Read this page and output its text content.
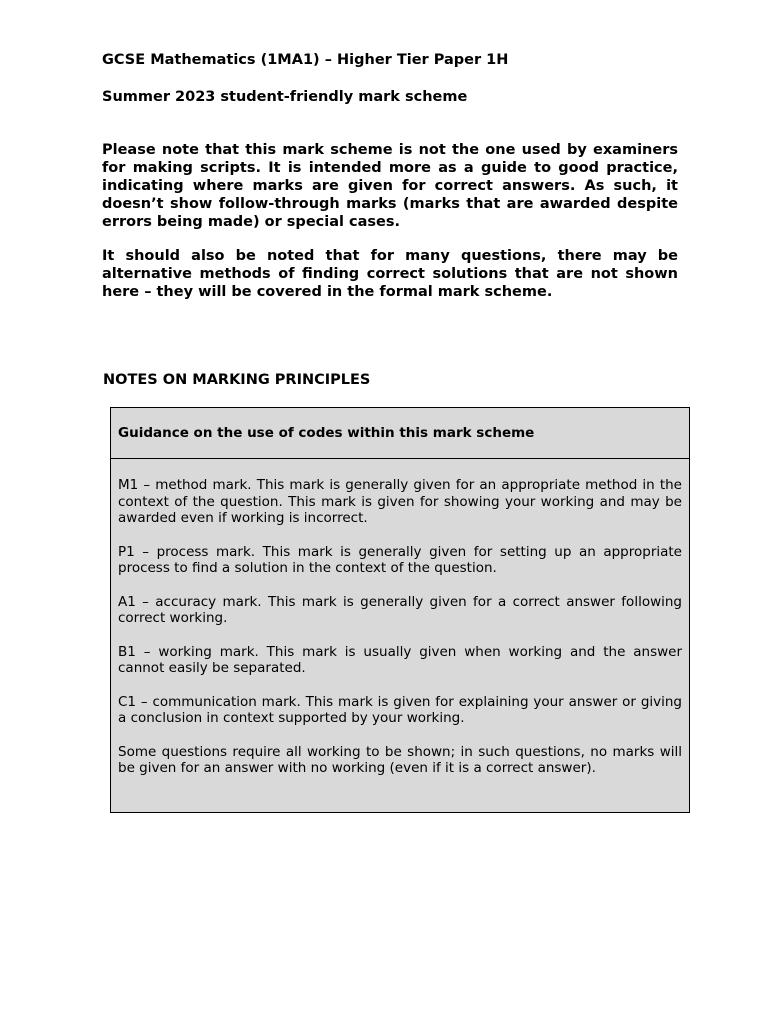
GCSE Mathematics (1MA1) – Higher Tier Paper 1H
Summer 2023 student-friendly mark scheme

Please note that this mark scheme is not the one used by examiners for making scripts. It is intended more as a guide to good practice, indicating where marks are given for correct answers. As such, it doesn’t show follow-through marks (marks that are awarded despite errors being made) or special cases.

It should also be noted that for many questions, there may be alternative methods of finding correct solutions that are not shown here – they will be covered in the formal mark scheme.

NOTES ON MARKING PRINCIPLES

Guidance on the use of codes within this mark scheme

M1 – method mark. This mark is generally given for an appropriate method in the context of the question. This mark is given for showing your working and may be awarded even if working is incorrect.

P1 – process mark. This mark is generally given for setting up an appropriate process to find a solution in the context of the question.

A1 – accuracy mark. This mark is generally given for a correct answer following correct working.

B1 – working mark. This mark is usually given when working and the answer cannot easily be separated.

C1 – communication mark. This mark is given for explaining your answer or giving a conclusion in context supported by your working.

Some questions require all working to be shown; in such questions, no marks will be given for an answer with no working (even if it is a correct answer).
